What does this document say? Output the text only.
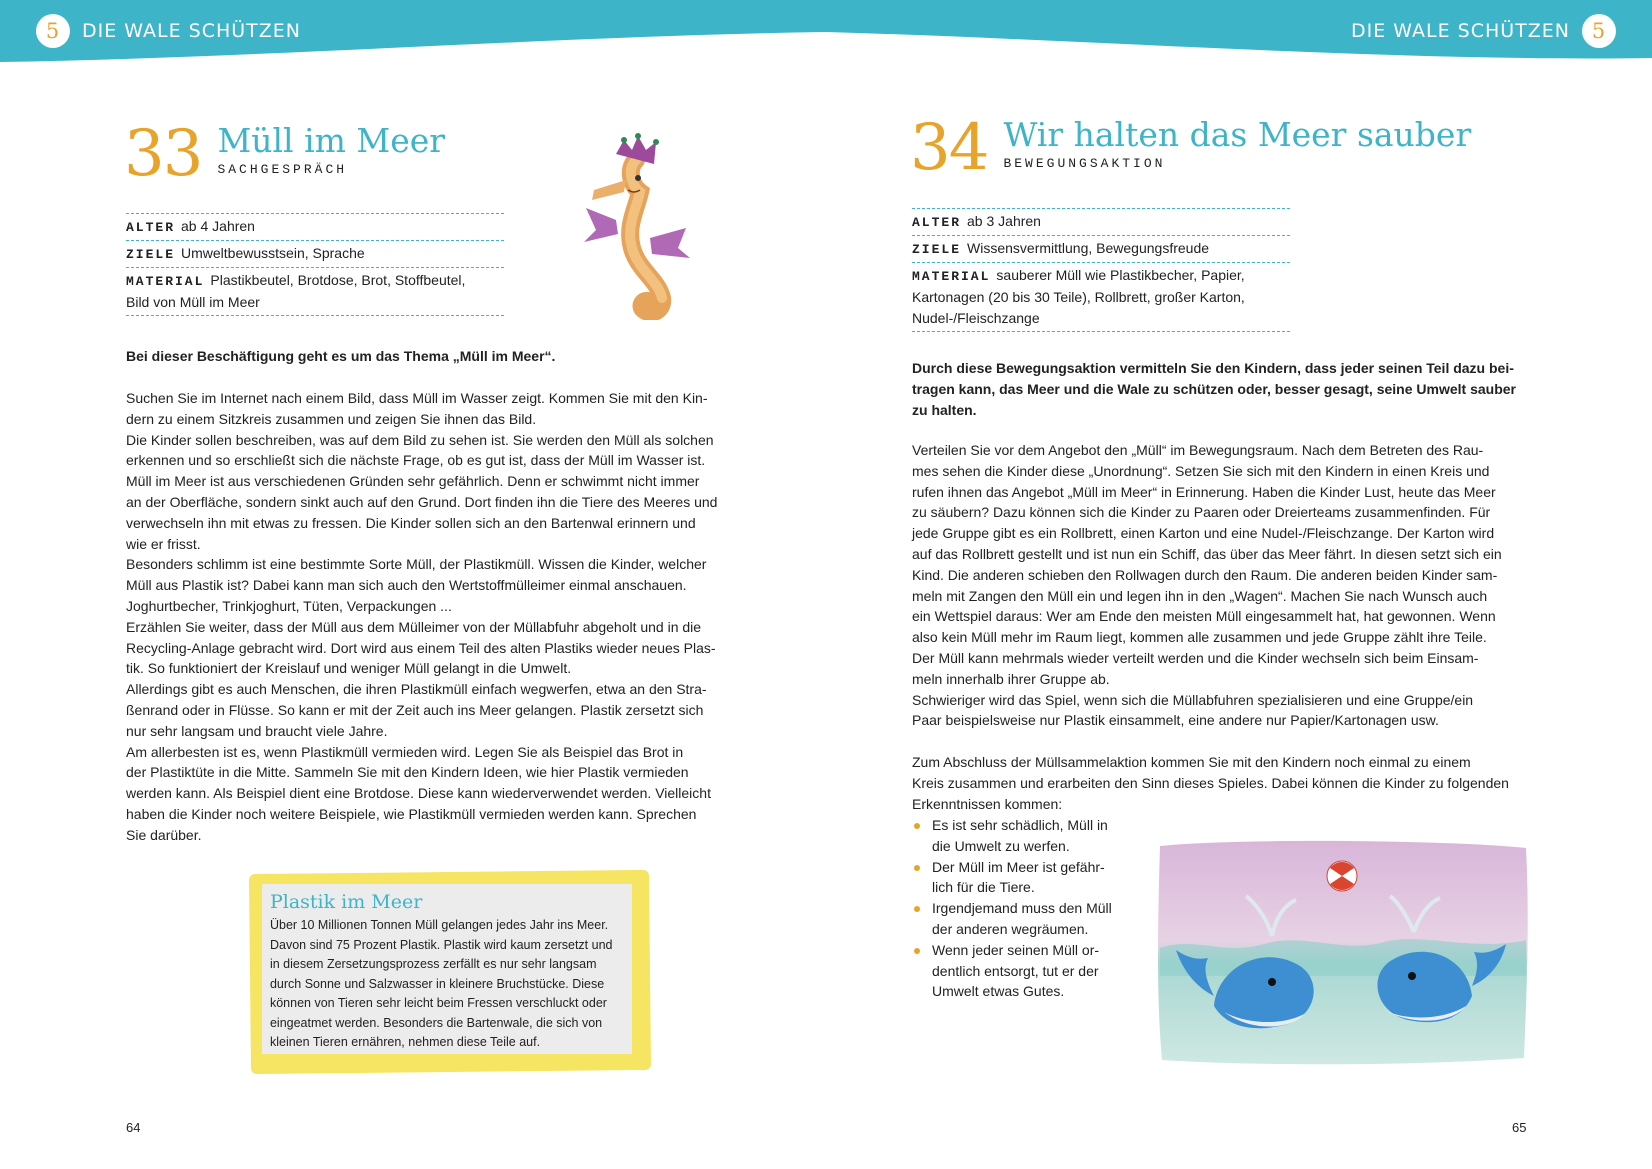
5	DIE WALE SCHÜTZEN	DIE WALE SCHÜTZEN	5
33 Müll im Meer
SACHGESPRÄCH
ALTER ab 4 Jahren
ZIELE Umweltbewusstsein, Sprache
MATERIAL Plastikbeutel, Brotdose, Brot, Stoffbeutel,
Bild von Müll im Meer
Bei dieser Beschäftigung geht es um das Thema „Müll im Meer“.

Suchen Sie im Internet nach einem Bild, dass Müll im Wasser zeigt. Kommen Sie mit den Kin-

dern zu einem Sitzkreis zusammen und zeigen Sie ihnen das Bild.

Die Kinder sollen beschreiben, was auf dem Bild zu sehen ist. Sie werden den Müll als solchen

erkennen und so erschließt sich die nächste Frage, ob es gut ist, dass der Müll im Wasser ist.

Müll im Meer ist aus verschiedenen Gründen sehr gefährlich. Denn er schwimmt nicht immer

an der Oberfläche, sondern sinkt auch auf den Grund. Dort finden ihn die Tiere des Meeres und

verwechseln ihn mit etwas zu fressen. Die Kinder sollen sich an den Bartenwal erinnern und

wie er frisst.

Besonders schlimm ist eine bestimmte Sorte Müll, der Plastikmüll. Wissen die Kinder, welcher

Müll aus Plastik ist? Dabei kann man sich auch den Wertstoffmülleimer einmal anschauen.

Joghurtbecher, Trinkjoghurt, Tüten, Verpackungen ...

Erzählen Sie weiter, dass der Müll aus dem Mülleimer von der Müllabfuhr abgeholt und in die

Recycling-Anlage gebracht wird. Dort wird aus einem Teil des alten Plastiks wieder neues Plas-

tik. So funktioniert der Kreislauf und weniger Müll gelangt in die Umwelt.

Allerdings gibt es auch Menschen, die ihren Plastikmüll einfach wegwerfen, etwa an den Stra-

ßenrand oder in Flüsse. So kann er mit der Zeit auch ins Meer gelangen. Plastik zersetzt sich

nur sehr langsam und braucht viele Jahre.

Am allerbesten ist es, wenn Plastikmüll vermieden wird. Legen Sie als Beispiel das Brot in

der Plastiktüte in die Mitte. Sammeln Sie mit den Kindern Ideen, wie hier Plastik vermieden

werden kann. Als Beispiel dient eine Brotdose. Diese kann wiederverwendet werden. Vielleicht

haben die Kinder noch weitere Beispiele, wie Plastikmüll vermieden werden kann. Sprechen

Sie darüber.

Plastik im Meer
Über 10 Millionen Tonnen Müll gelangen jedes Jahr ins Meer.
Davon sind 75 Prozent Plastik. Plastik wird kaum zersetzt und
in diesem Zersetzungsprozess zerfällt es nur sehr langsam
durch Sonne und Salzwasser in kleinere Bruchstücke. Diese
können von Tieren sehr leicht beim Fressen verschluckt oder
eingeatmet werden. Besonders die Bartenwale, die sich von
kleinen Tieren ernähren, nehmen diese Teile auf.
64
34 Wir halten das Meer sauber
BEWEGUNGSAKTION
ALTER ab 3 Jahren
ZIELE Wissensvermittlung, Bewegungsfreude
MATERIAL sauberer Müll wie Plastikbecher, Papier,
Kartonagen (20 bis 30 Teile), Rollbrett, großer Karton,
Nudel-/Fleischzange
Durch diese Bewegungsaktion vermitteln Sie den Kindern, dass jeder seinen Teil dazu bei-
tragen kann, das Meer und die Wale zu schützen oder, besser gesagt, seine Umwelt sauber
zu halten.

Verteilen Sie vor dem Angebot den „Müll“ im Bewegungsraum. Nach dem Betreten des Rau-

mes sehen die Kinder diese „Unordnung“. Setzen Sie sich mit den Kindern in einen Kreis und

rufen ihnen das Angebot „Müll im Meer“ in Erinnerung. Haben die Kinder Lust, heute das Meer

zu säubern? Dazu können sich die Kinder zu Paaren oder Dreierteams zusammenfinden. Für

jede Gruppe gibt es ein Rollbrett, einen Karton und eine Nudel-/Fleischzange. Der Karton wird

auf das Rollbrett gestellt und ist nun ein Schiff, das über das Meer fährt. In diesen setzt sich ein

Kind. Die anderen schieben den Rollwagen durch den Raum. Die anderen beiden Kinder sam-

meln mit Zangen den Müll ein und legen ihn in den „Wagen“. Machen Sie nach Wunsch auch

ein Wettspiel daraus: Wer am Ende den meisten Müll eingesammelt hat, hat gewonnen. Wenn

also kein Müll mehr im Raum liegt, kommen alle zusammen und jede Gruppe zählt ihre Teile.

Der Müll kann mehrmals wieder verteilt werden und die Kinder wechseln sich beim Einsam-

meln innerhalb ihrer Gruppe ab.

Schwieriger wird das Spiel, wenn sich die Müllabfuhren spezialisieren und eine Gruppe/ein

Paar beispielsweise nur Plastik einsammelt, eine andere nur Papier/Kartonagen usw.

Zum Abschluss der Müllsammelaktion kommen Sie mit den Kindern noch einmal zu einem

Kreis zusammen und erarbeiten den Sinn dieses Spieles. Dabei können die Kinder zu folgenden

Erkenntnissen kommen:

Es ist sehr schädlich, Müll in
die Umwelt zu werfen.
Der Müll im Meer ist gefähr-
lich für die Tiere.
Irgendjemand muss den Müll
der anderen wegräumen.
Wenn jeder seinen Müll or-
dentlich entsorgt, tut er der
Umwelt etwas Gutes.
65
